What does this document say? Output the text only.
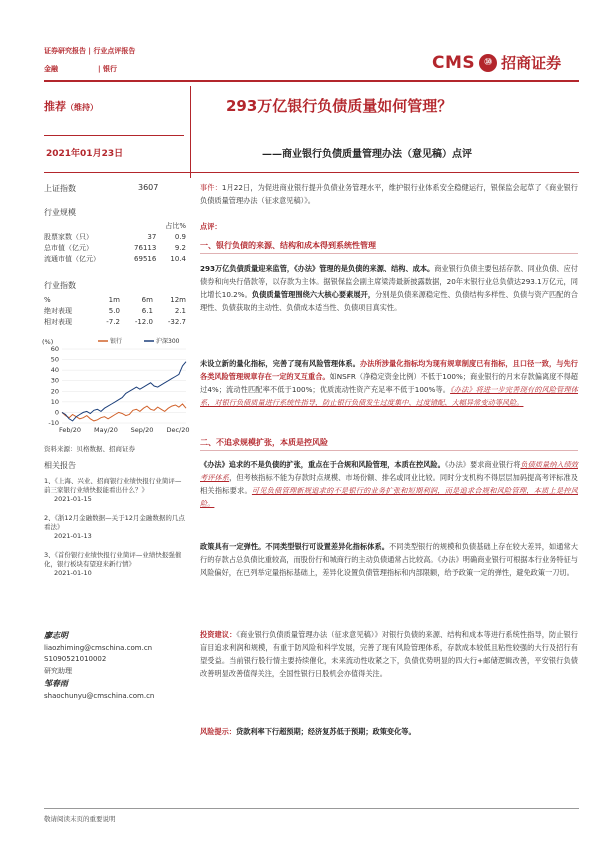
证券研究报告 | 行业点评报告
金融	| 银行	CMS ⑩ 招商证券
推荐（维持）	293万亿银行负债质量如何管理？
2021年01月23日	——商业银行负债质量管理办法（意见稿）点评
上证指数	3607
行业规模
		占比%
股票家数（只）	37	0.9
总市值（亿元）	76113	9.2
流通市值（亿元）	69516	10.4
行业指数
%	1m	6m	12m
绝对表现	5.0	6.1	2.1
相对表现	-7.2	-12.0	-32.7
(%)
60
50
40
30
20
10
0
-10
Feb/20 May/20 Sep/20 Dec/20
银行	沪深300
资料来源：贝格数据、招商证券
相关报告
1、《上海、兴业、招商银行业绩快报行业简评—前三家银行业绩快报能看出什么？》
2021-01-15
2、《浙12月金融数据—关于12月金融数据的几点看法》
2021-01-13
3、《首份银行业绩快报行业简评—业绩快报强催化，银行板块有望迎来新行情》
2021-01-10
廖志明
liaozhiming@cmschina.com.cn
S1090521010002
研究助理
邹春雨
shaochunyu@cmschina.com.cn
事件：1月22日，为促进商业银行提升负债业务管理水平，维护银行业体系安全稳健运行，银保监会起草了《商业银行负债质量管理办法（征求意见稿）》。
点评：
一、银行负债的来源、结构和成本得到系统性管理
293万亿负债质量迎来监管，《办法》管理的是负债的来源、结构、成本。商业银行负债主要包括存款、同业负债、应付债券和向央行借款等，以存款为主体。据银保监会副主席梁涛最新披露数据，20年末银行业总负债达293.1万亿元，同比增长10.2%。负债质量管理围绕六大核心要素展开，分别是负债来源稳定性、负债结构多样性、负债与资产匹配的合理性、负债获取的主动性、负债成本适当性、负债项目真实性。
未设立新的量化指标，完善了现有风险管理体系。办法所涉量化指标均为现有规章制度已有指标，且口径一致，与先行各类风险管理规章存在一定的叉互重合。如NSFR（净稳定资金比例）不低于100%；商业银行的月末存款偏离度不得超过4%；流动性匹配率不低于100%；优质流动性资产充足率不低于100%等。《办法》将进一步完善现有的风险管理体系，对银行负债质量进行系统性指导，防止银行负债发生过度集中、过度错配、大幅异常变动等风险。
二、不追求规模扩张，本质是控风险
《办法》追求的不是负债的扩张，重点在于合规和风险管理，本质在控风险。《办法》要求商业银行将负债质量纳入绩效考评体系，但考核指标不能为存款时点规模、市场份额、排名或同业比较。同时分支机构不得层层加码提高考评标准及相关指标要求。可见负债管理新规追求的不是银行的业务扩张和短期利润，而是追求合规和风险管理，本质上是控风险。
政策具有一定弹性。不同类型银行可设置差异化指标体系。不同类型银行的规模和负债基础上存在较大差异，如通常大行的存款占总负债比重较高，而股份行和城商行的主动负债通常占比较高。《办法》明确商业银行可根据本行业务特征与风险偏好，在已列举定量指标基础上，差异化设置负债管理指标和内部限额，给予政策一定的弹性，避免政策一刀切。
投资建议：《商业银行负债质量管理办法（征求意见稿）》对银行负债的来源、结构和成本等进行系统性指导，防止银行盲目追求利润和规模，有重于防风险和科学发展，完善了现有风险管理体系，存款成本较低且粘性较强的大行及招行有望受益。当前银行股行情主要持续催化，未来流动性收紧之下，负债优势明显的四大行+邮储逻辑改善，平安银行负债改善明显改善值得关注，全国性银行日股机会亦值得关注。
风险提示：贷款利率下行超预期；经济复苏低于预期；政策变化等。
敬请阅读末页的重要说明
